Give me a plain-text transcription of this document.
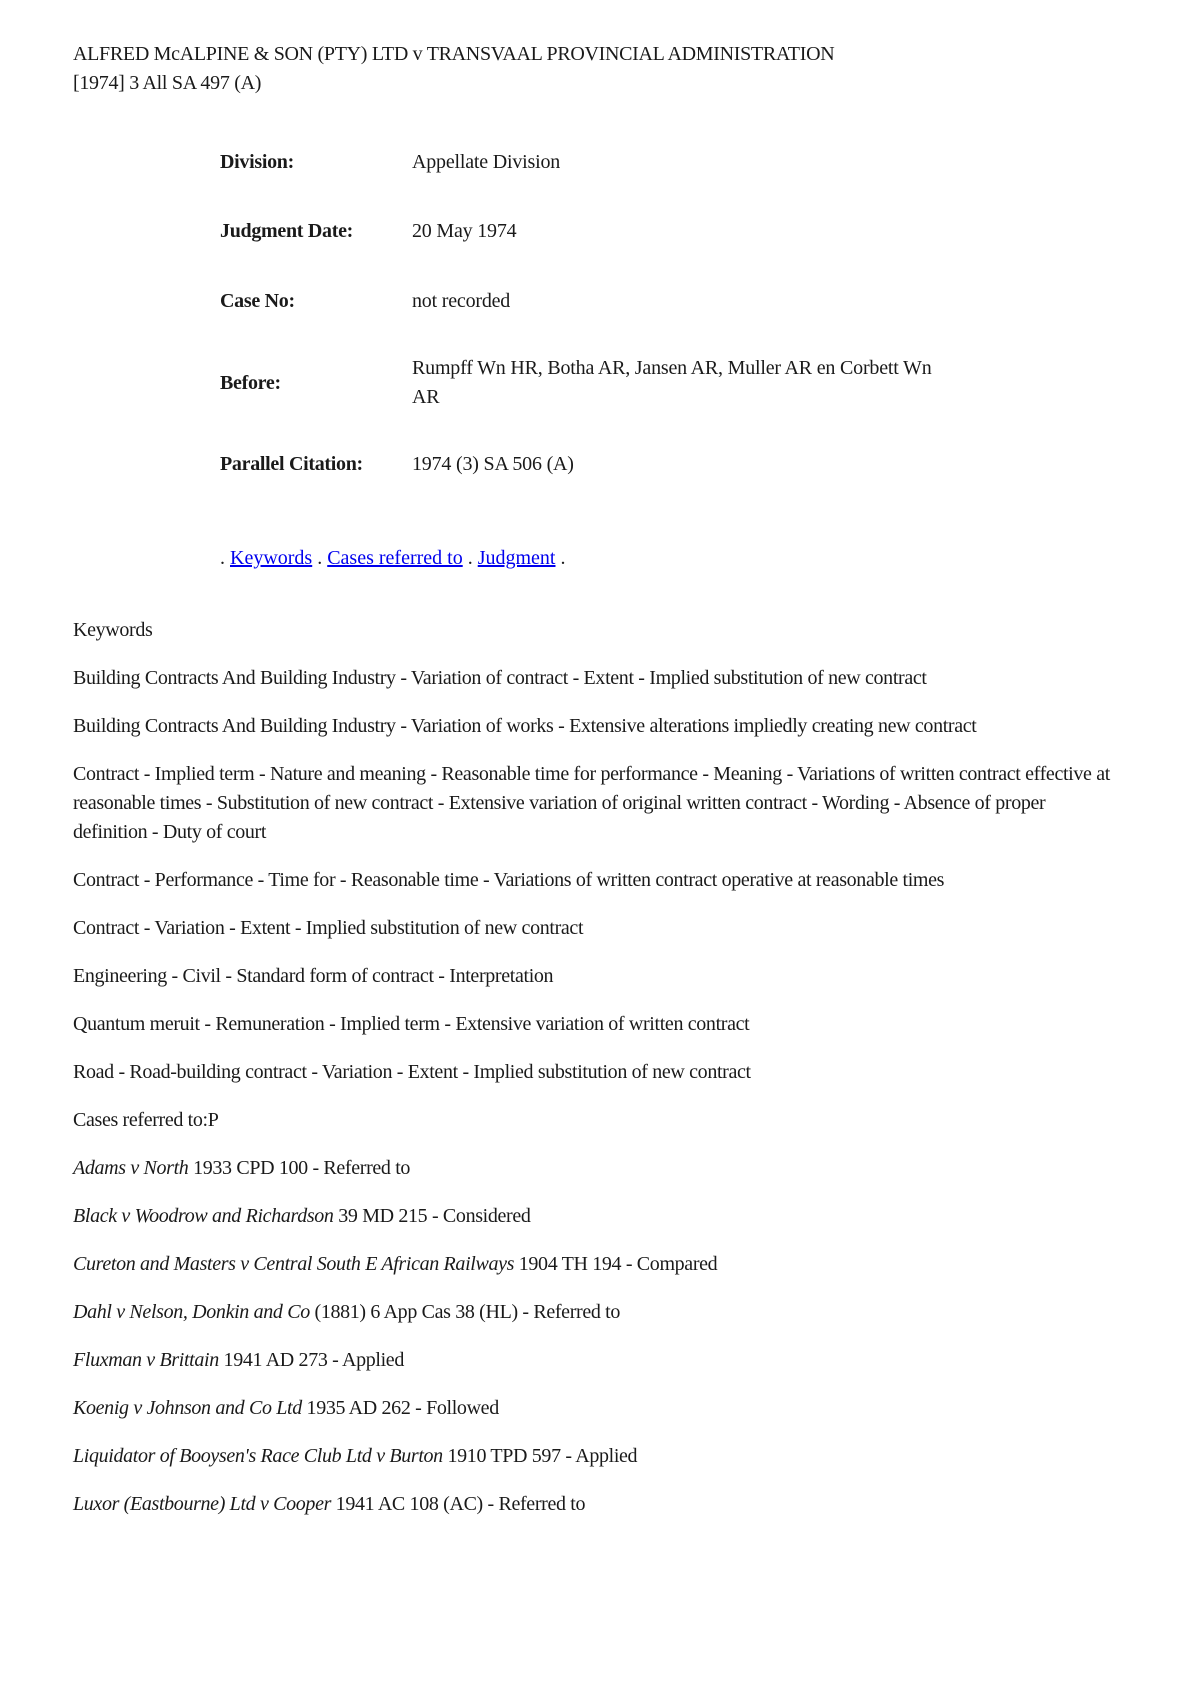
ALFRED McALPINE & SON (PTY) LTD v TRANSVAAL PROVINCIAL ADMINISTRATION
[1974] 3 All SA 497 (A)
Division:	Appellate Division
Judgment Date:	20 May 1974
Case No:	not recorded
Before:
Rumpff Wn HR, Botha AR, Jansen AR, Muller AR en Corbett Wn AR
Parallel Citation:	1974 (3) SA 506 (A)
. Keywords . Cases referred to . Judgment .

Keywords

Building Contracts And Building Industry - Variation of contract - Extent - Implied substitution of new contract

Building Contracts And Building Industry - Variation of works - Extensive alterations impliedly creating new contract

Contract - Implied term - Nature and meaning - Reasonable time for performance - Meaning - Variations of written contract effective at reasonable times - Substitution of new contract - Extensive variation of original written contract - Wording - Absence of proper definition - Duty of court

Contract - Performance - Time for - Reasonable time - Variations of written contract operative at reasonable times

Contract - Variation - Extent - Implied substitution of new contract

Engineering - Civil - Standard form of contract - Interpretation

Quantum meruit - Remuneration - Implied term - Extensive variation of written contract

Road - Road-building contract - Variation - Extent - Implied substitution of new contract

Cases referred to:P

Adams v North 1933 CPD 100 - Referred to

Black v Woodrow and Richardson 39 MD 215 - Considered

Cureton and Masters v Central South E African Railways 1904 TH 194 - Compared

Dahl v Nelson, Donkin and Co (1881) 6 App Cas 38 (HL) - Referred to

Fluxman v Brittain 1941 AD 273 - Applied

Koenig v Johnson and Co Ltd 1935 AD 262 - Followed

Liquidator of Booysen's Race Club Ltd v Burton 1910 TPD 597 - Applied

Luxor (Eastbourne) Ltd v Cooper 1941 AC 108 (AC) - Referred to
